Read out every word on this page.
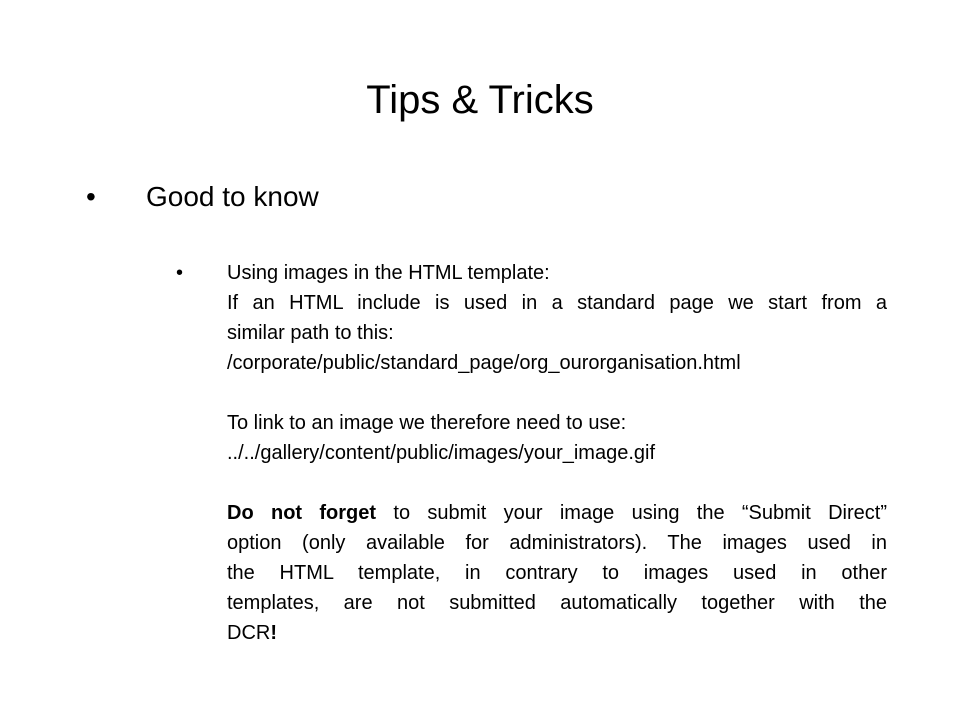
Tips & Tricks
• Good to know
• Using images in the HTML template:
If an HTML include is used in a standard page we start from a
similar path to this:
/corporate/public/standard_page/org_ourorganisation.html
To link to an image we therefore need to use:
../../gallery/content/public/images/your_image.gif
Do not forget to submit your image using the “Submit Direct”
option (only available for administrators). The images used in
the HTML template, in contrary to images used in other
templates, are not submitted automatically together with the
DCR!
